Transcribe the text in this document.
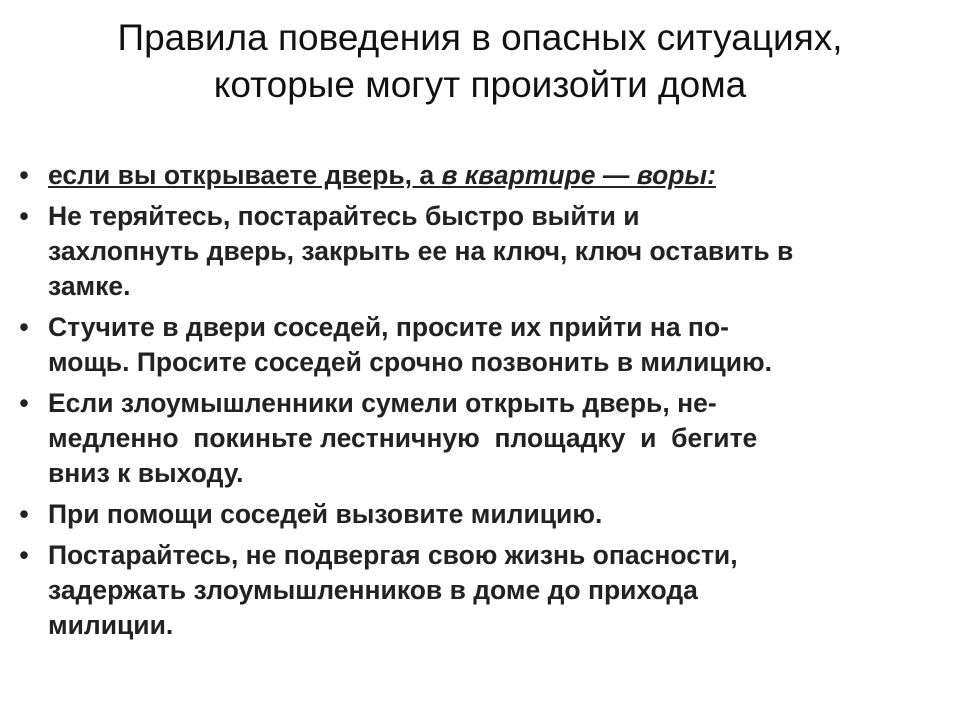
Правила поведения в опасных ситуациях,
которые могут произойти дома
• если вы открываете дверь, а в квартире — воры:
• Не теряйтесь, постарайтесь быстро выйти и
захлопнуть дверь, закрыть ее на ключ, ключ оставить в
замке.
• Стучите в двери соседей, просите их прийти на по-
мощь. Просите соседей срочно позвонить в милицию.
• Если злоумышленники сумели открыть дверь, не-
медленно  покиньте лестничную  площадку  и  бегите
вниз к выходу.
• При помощи соседей вызовите милицию.
• Постарайтесь, не подвергая свою жизнь опасности,
задержать злоумышленников в доме до прихода
милиции.
